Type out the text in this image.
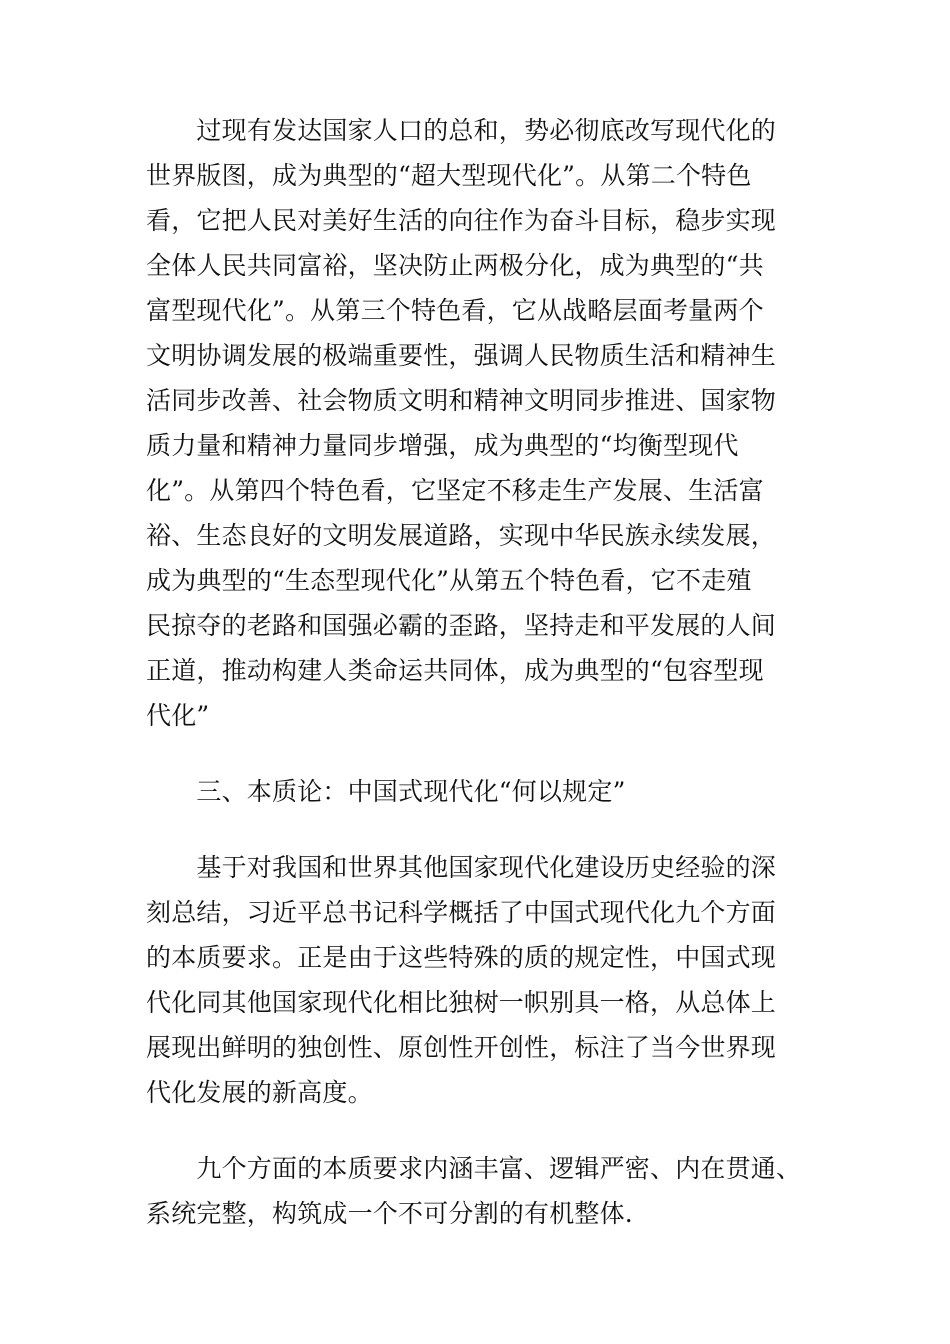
　　过现有发达国家人口的总和，势必彻底改写现代化的
世界版图，成为典型的“超大型现代化”。从第二个特色
看，它把人民对美好生活的向往作为奋斗目标，稳步实现
全体人民共同富裕，坚决防止两极分化，成为典型的“共
富型现代化”。从第三个特色看，它从战略层面考量两个
文明协调发展的极端重要性，强调人民物质生活和精神生
活同步改善、社会物质文明和精神文明同步推进、国家物
质力量和精神力量同步增强，成为典型的“均衡型现代
化”。从第四个特色看，它坚定不移走生产发展、生活富
裕、生态良好的文明发展道路，实现中华民族永续发展，
成为典型的“生态型现代化”从第五个特色看，它不走殖
民掠夺的老路和国强必霸的歪路，坚持走和平发展的人间
正道，推动构建人类命运共同体，成为典型的“包容型现
代化”
　　三、本质论：中国式现代化“何以规定”
　　基于对我国和世界其他国家现代化建设历史经验的深
刻总结，习近平总书记科学概括了中国式现代化九个方面
的本质要求。正是由于这些特殊的质的规定性，中国式现
代化同其他国家现代化相比独树一帜别具一格，从总体上
展现出鲜明的独创性、原创性开创性，标注了当今世界现
代化发展的新高度。
　　九个方面的本质要求内涵丰富、逻辑严密、内在贯通、
系统完整，构筑成一个不可分割的有机整体.
